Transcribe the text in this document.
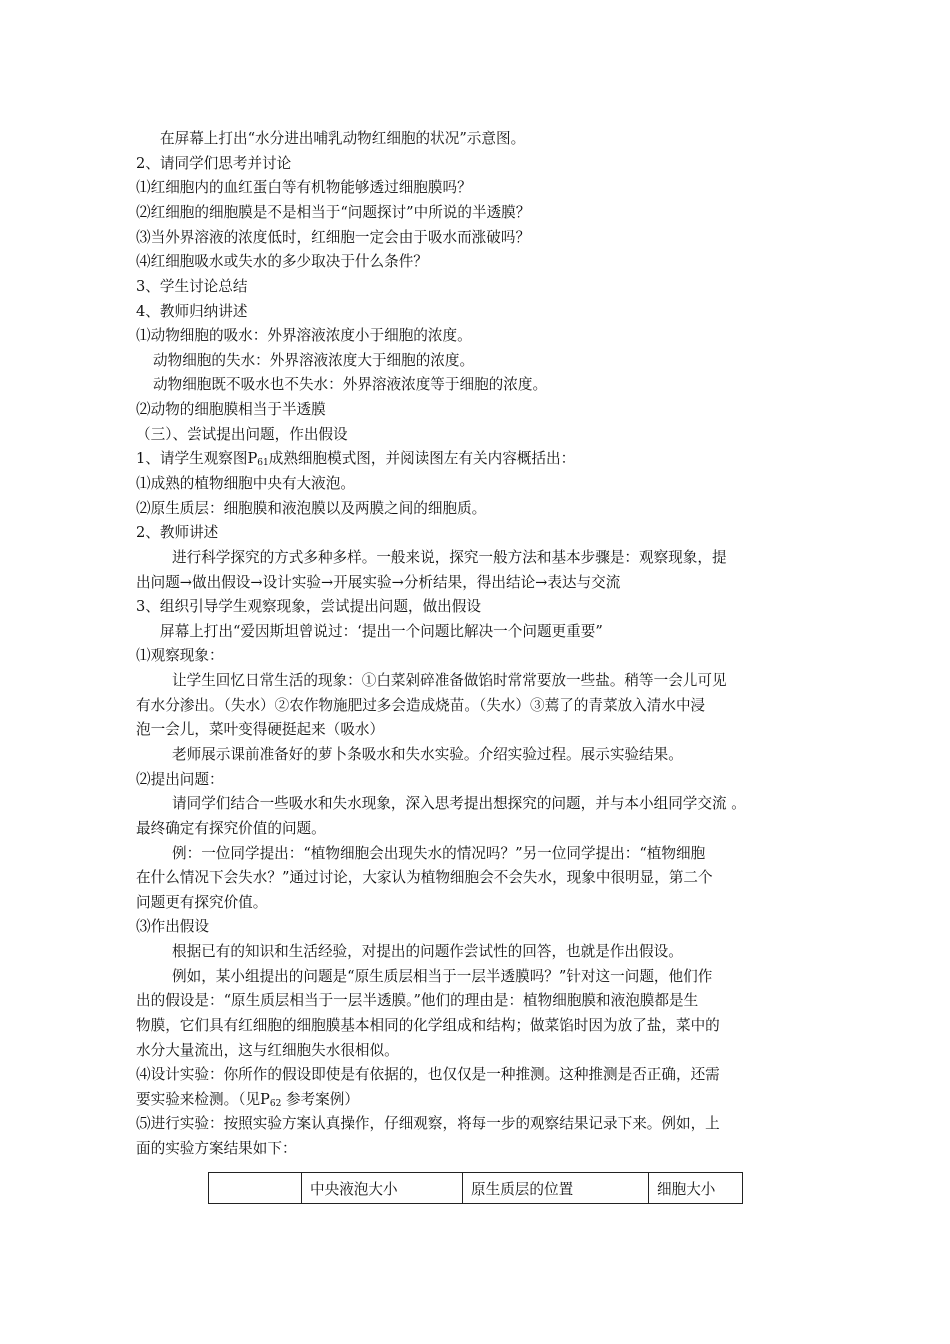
在屏幕上打出“水分进出哺乳动物红细胞的状况”示意图。
2、请同学们思考并讨论
⑴红细胞内的血红蛋白等有机物能够透过细胞膜吗？
⑵红细胞的细胞膜是不是相当于“问题探讨”中所说的半透膜？
⑶当外界溶液的浓度低时，红细胞一定会由于吸水而涨破吗？
⑷红细胞吸水或失水的多少取决于什么条件？
3、学生讨论总结
4、教师归纳讲述
⑴动物细胞的吸水：外界溶液浓度小于细胞的浓度。
动物细胞的失水：外界溶液浓度大于细胞的浓度。
动物细胞既不吸水也不失水：外界溶液浓度等于细胞的浓度。
⑵动物的细胞膜相当于半透膜
（三）、尝试提出问题，作出假设
1、请学生观察图$P_{61}$成熟细胞模式图，并阅读图左有关内容概括出：
⑴成熟的植物细胞中央有大液泡。
⑵原生质层：细胞膜和液泡膜以及两膜之间的细胞质。
2、教师讲述
进行科学探究的方式多种多样。一般来说，探究一般方法和基本步骤是：观察现象，提
出问题→做出假设→设计实验→开展实验→分析结果，得出结论→表达与交流
3、组织引导学生观察现象，尝试提出问题，做出假设
屏幕上打出“爱因斯坦曾说过：‘提出一个问题比解决一个问题更重要”
⑴观察现象：
让学生回忆日常生活的现象：①白菜剁碎准备做馅时常常要放一些盐。稍等一会儿可见
有水分渗出。（失水）②农作物施肥过多会造成烧苗。（失水）③蔫了的青菜放入清水中浸
泡一会儿，菜叶变得硬挺起来（吸水）
老师展示课前准备好的萝卜条吸水和失水实验。介绍实验过程。展示实验结果。
⑵提出问题：
请同学们结合一些吸水和失水现象，深入思考提出想探究的问题，并与本小组同学交流 。
最终确定有探究价值的问题。
例：一位同学提出：“植物细胞会出现失水的情况吗？”另一位同学提出：“植物细胞
在什么情况下会失水？”通过讨论，大家认为植物细胞会不会失水，现象中很明显，第二个
问题更有探究价值。
⑶作出假设
根据已有的知识和生活经验，对提出的问题作尝试性的回答，也就是作出假设。
例如，某小组提出的问题是“原生质层相当于一层半透膜吗？”针对这一问题，他们作
出的假设是：“原生质层相当于一层半透膜。”他们的理由是：植物细胞膜和液泡膜都是生
物膜，它们具有红细胞的细胞膜基本相同的化学组成和结构；做菜馅时因为放了盐，菜中的
水分大量流出，这与红细胞失水很相似。
⑷设计实验：你所作的假设即使是有依据的，也仅仅是一种推测。这种推测是否正确，还需
要实验来检测。（见$P_{62}$ 参考案例）
⑸进行实验：按照实验方案认真操作，仔细观察，将每一步的观察结果记录下来。例如，上
面的实验方案结果如下：
	中央液泡大小	原生质层的位置	细胞大小
